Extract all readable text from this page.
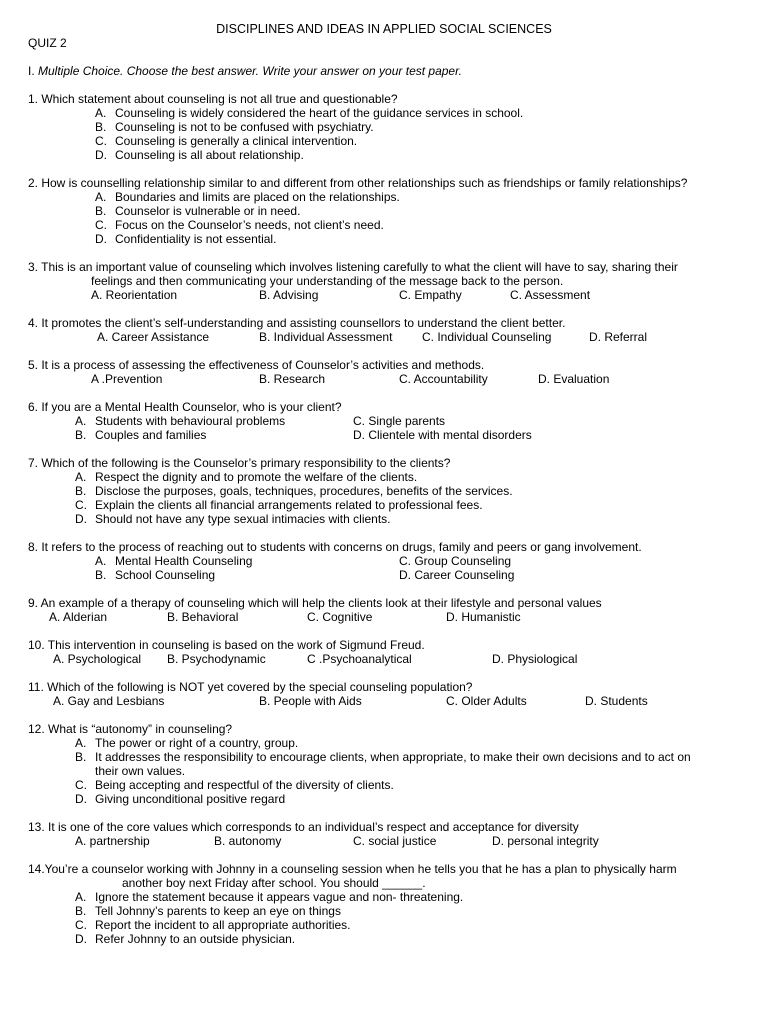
DISCIPLINES AND IDEAS IN APPLIED SOCIAL SCIENCES
QUIZ 2
I. Multiple Choice. Choose the best answer. Write your answer on your test paper.
1. Which statement about counseling is not all true and questionable?
A. Counseling is widely considered the heart of the guidance services in school.
B. Counseling is not to be confused with psychiatry.
C. Counseling is generally a clinical intervention.
D. Counseling is all about relationship.
2. How is counselling relationship similar to and different from other relationships such as friendships or family relationships?
A. Boundaries and limits are placed on the relationships.
B. Counselor is vulnerable or in need.
C. Focus on the Counselor’s needs, not client’s need.
D. Confidentiality is not essential.
3. This is an important value of counseling which involves listening carefully to what the client will have to say, sharing their
feelings and then communicating your understanding of the message back to the person.
A. Reorientation	B. Advising	C. Empathy	C. Assessment
4. It promotes the client’s self-understanding and assisting counsellors to understand the client better.
A. Career Assistance	B. Individual Assessment C. Individual Counseling	D. Referral
5. It is a process of assessing the effectiveness of Counselor’s activities and methods.
A .Prevention	B. Research	C. Accountability	D. Evaluation
6. If you are a Mental Health Counselor, who is your client?
A. Students with behavioural problems	C. Single parents
B. Couples and families	D. Clientele with mental disorders
7. Which of the following is the Counselor’s primary responsibility to the clients?
A. Respect the dignity and to promote the welfare of the clients.
B. Disclose the purposes, goals, techniques, procedures, benefits of the services.
C. Explain the clients all financial arrangements related to professional fees.
D. Should not have any type sexual intimacies with clients.
8. It refers to the process of reaching out to students with concerns on drugs, family and peers or gang involvement.
A. Mental Health Counseling	C. Group Counseling
B. School Counseling	D. Career Counseling
9. An example of a therapy of counseling which will help the clients look at their lifestyle and personal values
A. Alderian	B. Behavioral	C. Cognitive	D. Humanistic
10. This intervention in counseling is based on the work of Sigmund Freud.
A. Psychological B. Psychodynamic	C .Psychoanalytical	D. Physiological
11. Which of the following is NOT yet covered by the special counseling population?
A. Gay and Lesbians	B. People with Aids	C. Older Adults	D. Students
12. What is “autonomy” in counseling?
A. The power or right of a country, group.
B. It addresses the responsibility to encourage clients, when appropriate, to make their own decisions and to act on
their own values.
C. Being accepting and respectful of the diversity of clients.
D. Giving unconditional positive regard
13. It is one of the core values which corresponds to an individual’s respect and acceptance for diversity
A. partnership	B. autonomy	C. social justice	D. personal integrity
14.You’re a counselor working with Johnny in a counseling session when he tells you that he has a plan to physically harm
another boy next Friday after school. You should ______.
A. Ignore the statement because it appears vague and non- threatening.
B. Tell Johnny’s parents to keep an eye on things
C. Report the incident to all appropriate authorities.
D. Refer Johnny to an outside physician.
